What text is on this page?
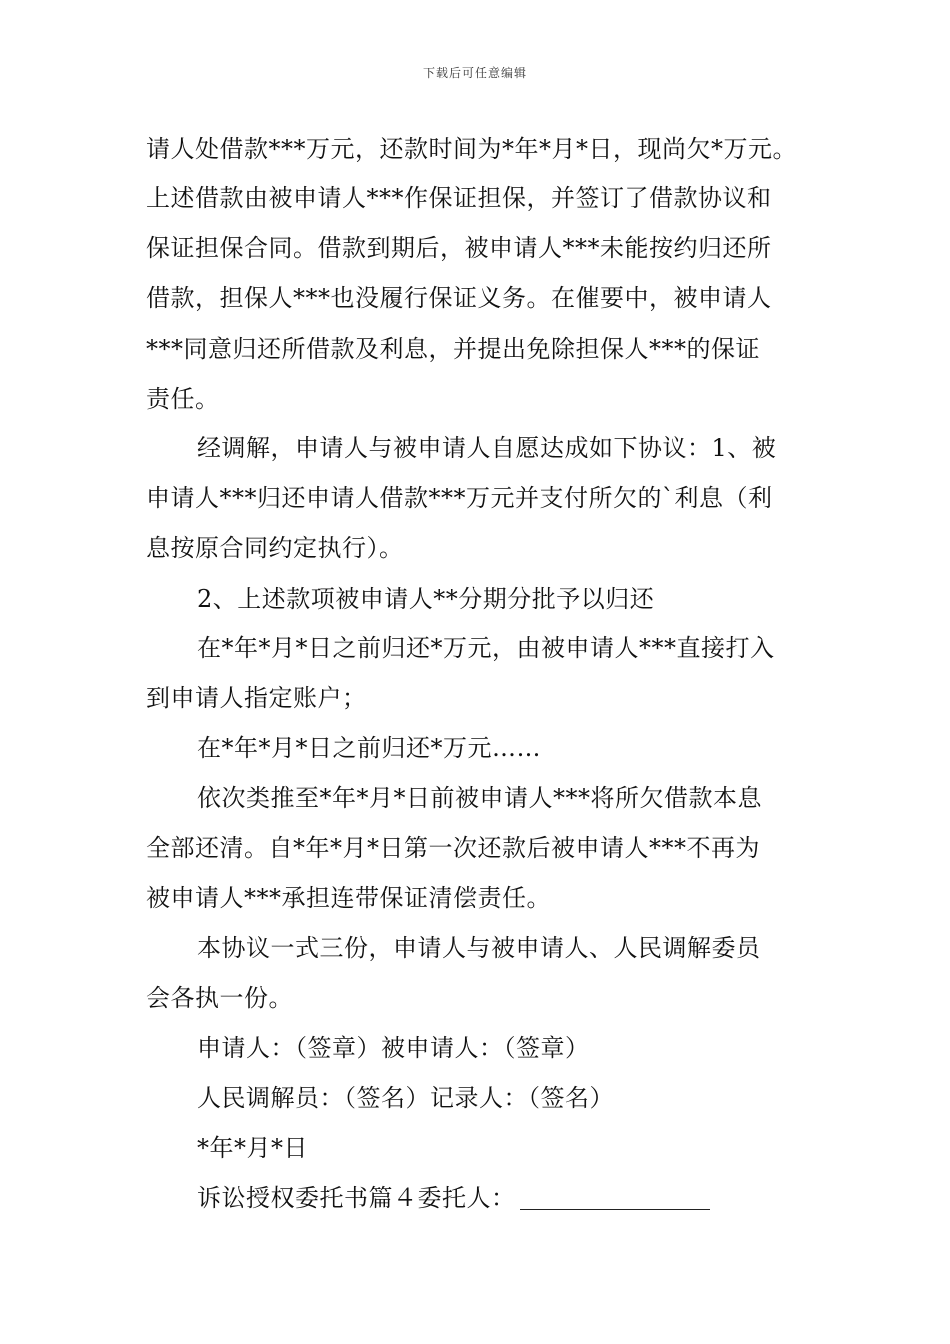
下载后可任意编辑
请人处借款***万元，还款时间为*年*月*日，现尚欠*万元。
上述借款由被申请人***作保证担保，并签订了借款协议和
保证担保合同。借款到期后，被申请人***未能按约归还所
借款，担保人***也没履行保证义务。在催要中，被申请人
***同意归还所借款及利息，并提出免除担保人***的保证
责任。
经调解，申请人与被申请人自愿达成如下协议：1、被
申请人***归还申请人借款***万元并支付所欠的`利息（利
息按原合同约定执行）。
2、上述款项被申请人**分期分批予以归还
在*年*月*日之前归还*万元，由被申请人***直接打入
到申请人指定账户；
在*年*月*日之前归还*万元……
依次类推至*年*月*日前被申请人***将所欠借款本息
全部还清。自*年*月*日第一次还款后被申请人***不再为
被申请人***承担连带保证清偿责任。
本协议一式三份，申请人与被申请人、人民调解委员
会各执一份。
申请人：（签章）被申请人：（签章）
人民调解员：（签名）记录人：（签名）
*年*月*日
诉讼授权委托书篇４委托人：
